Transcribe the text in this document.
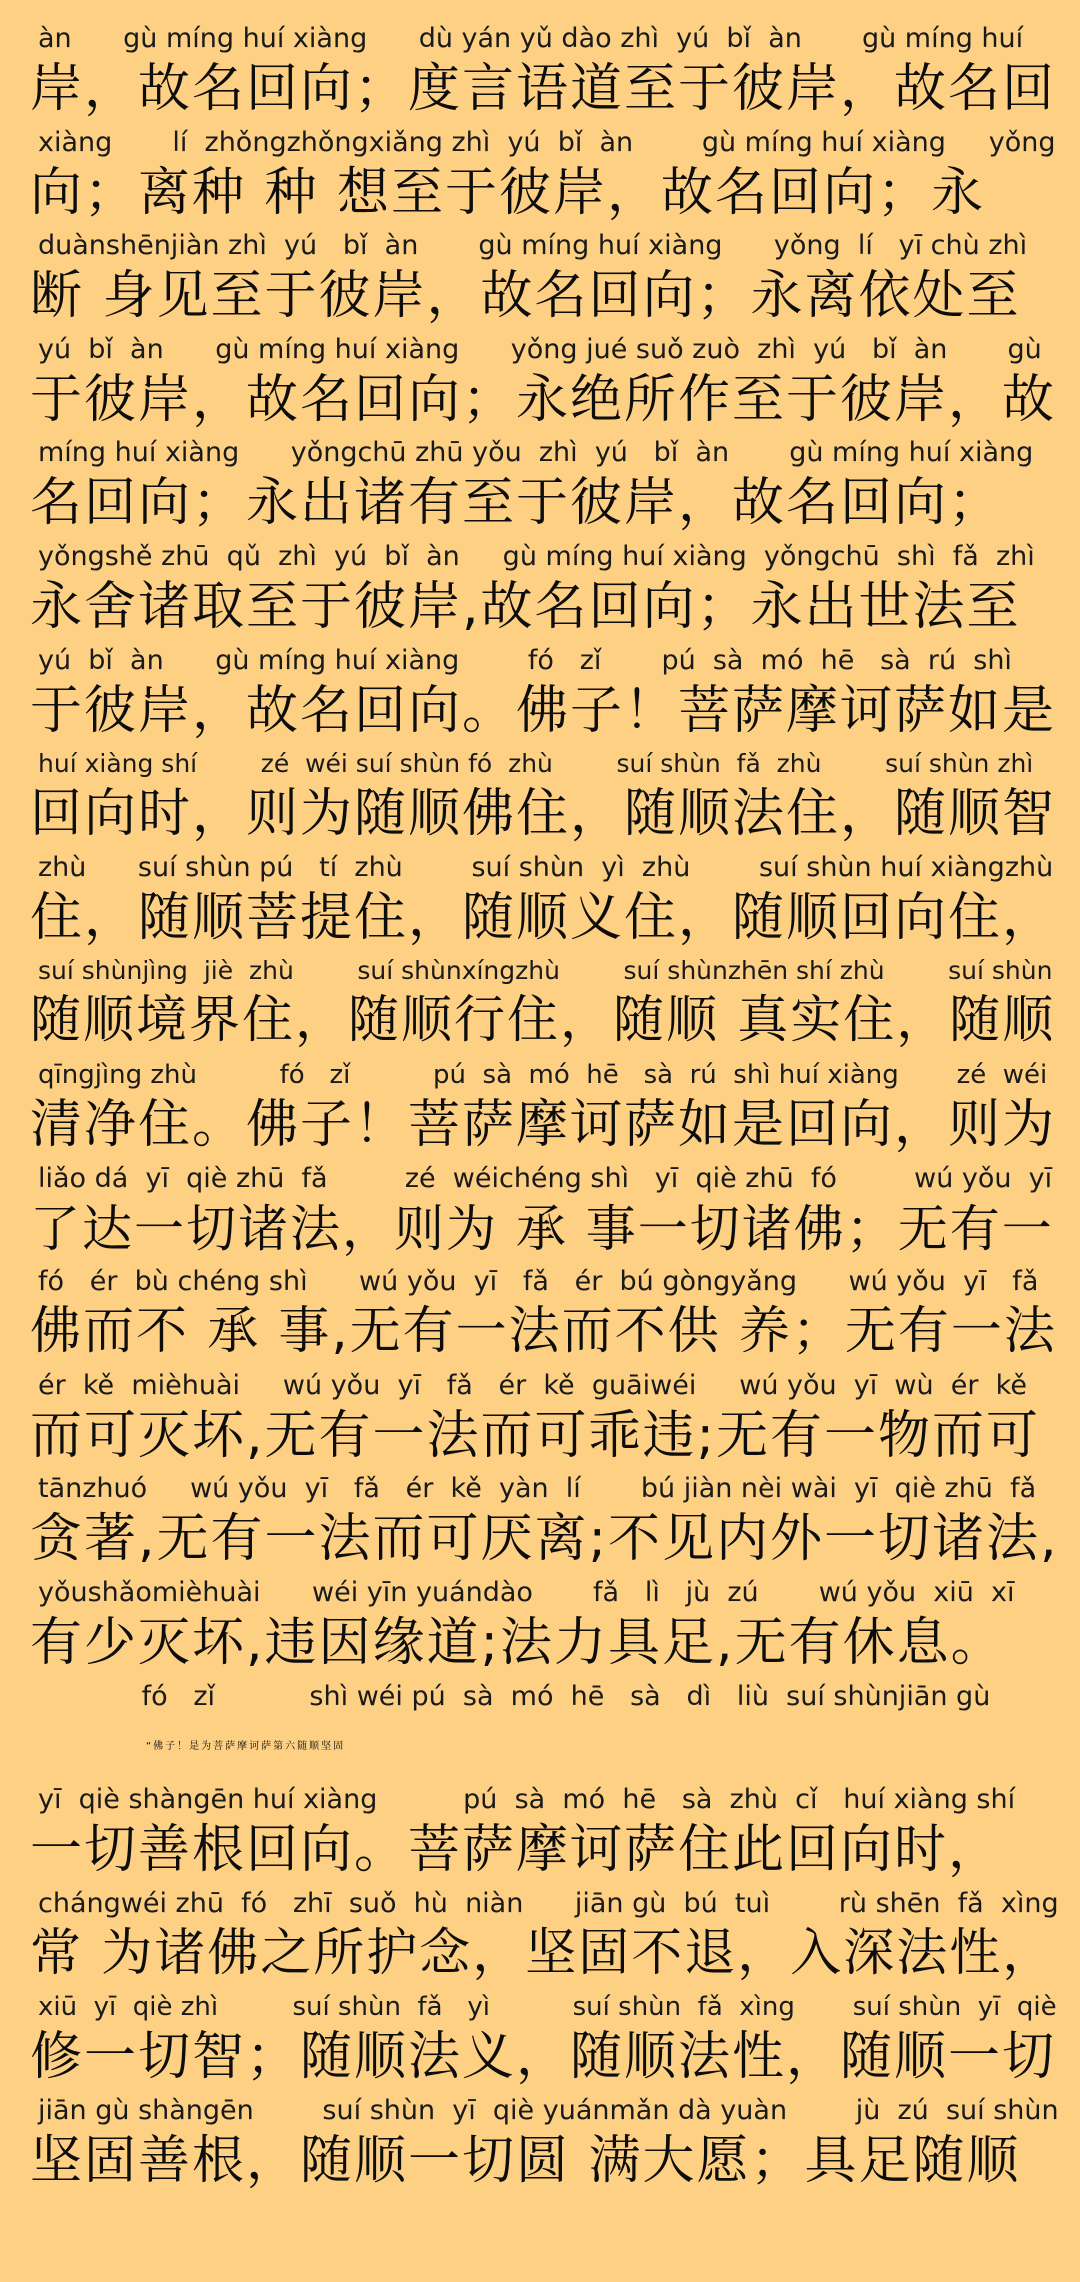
àn      gù míng huí xiàng      dù yán yǔ dào zhì  yú  bǐ  àn       gù míng huí
岸，故名回向；度言语道至于彼岸，故名回
xiàng       lí  zhǒngzhǒngxiǎng zhì  yú  bǐ  àn        gù míng huí xiàng     yǒng
向；离种 种 想至于彼岸，故名回向；永
duànshēnjiàn zhì  yú   bǐ  àn       gù míng huí xiàng      yǒng  lí   yī chù zhì
断 身见至于彼岸，故名回向；永离依处至
yú  bǐ  àn      gù míng huí xiàng      yǒng jué suǒ zuò  zhì  yú   bǐ  àn       gù
于彼岸，故名回向；永绝所作至于彼岸，故
míng huí xiàng      yǒngchū zhū yǒu  zhì  yú   bǐ  àn       gù míng huí xiàng
名回向；永出诸有至于彼岸，故名回向；
yǒngshě zhū  qǔ  zhì  yú  bǐ  àn     gù míng huí xiàng  yǒngchū  shì  fǎ  zhì
永舍诸取至于彼岸,故名回向；永出世法至
yú  bǐ  àn      gù míng huí xiàng        fó   zǐ       pú  sà  mó  hē   sà  rú  shì
于彼岸，故名回向。佛子！菩萨摩诃萨如是
huí xiàng shí        zé  wéi suí shùn fó  zhù        suí shùn  fǎ  zhù        suí shùn zhì
回向时，则为随顺佛住，随顺法住，随顺智
zhù      suí shùn pú   tí  zhù        suí shùn  yì  zhù        suí shùn huí xiàngzhù
住，随顺菩提住，随顺义住，随顺回向住，
suí shùnjìng  jiè  zhù        suí shùnxíngzhù        suí shùnzhēn shí zhù        suí shùn
随顺境界住，随顺行住，随顺 真实住，随顺
qīngjìng zhù          fó   zǐ          pú  sà  mó  hē   sà  rú  shì huí xiàng       zé  wéi
清净住。佛子！菩萨摩诃萨如是回向，则为
liǎo dá  yī  qiè zhū  fǎ         zé  wéichéng shì   yī  qiè zhū  fó         wú yǒu  yī
了达一切诸法，则为 承 事一切诸佛；无有一
fó   ér  bù chéng shì      wú yǒu  yī   fǎ   ér  bú gòngyǎng      wú yǒu  yī   fǎ
佛而不 承 事,无有一法而不供 养；无有一法
ér  kě  mièhuài     wú yǒu  yī   fǎ   ér  kě  guāiwéi     wú yǒu  yī  wù  ér  kě
而可灭坏,无有一法而可乖违;无有一物而可
tānzhuó     wú yǒu  yī   fǎ   ér  kě  yàn  lí       bú jiàn nèi wài  yī  qiè zhū  fǎ
贪著,无有一法而可厌离;不见内外一切诸法,
yǒushǎomièhuài      wéi yīn yuándào       fǎ   lì   jù  zú       wú yǒu  xiū  xī
有少灭坏,违因缘道;法力具足,无有休息。
fó   zǐ           shì wéi pú  sà  mó  hē   sà   dì   liù  suí shùnjiān gù
“佛子！是为菩萨摩诃萨第六随顺坚固
yī  qiè shàngēn huí xiàng          pú  sà  mó  hē   sà  zhù  cǐ   huí xiàng shí
一切善根回向。菩萨摩诃萨住此回向时，
chángwéi zhū  fó   zhī  suǒ  hù  niàn      jiān gù  bú  tuì        rù shēn  fǎ  xìng
常 为诸佛之所护念，坚固不退，入深法性，
xiū  yī  qiè zhì         suí shùn  fǎ   yì          suí shùn  fǎ  xìng       suí shùn  yī  qiè
修一切智；随顺法义，随顺法性，随顺一切
jiān gù shàngēn        suí shùn  yī  qiè yuánmǎn dà yuàn        jù  zú  suí shùn
坚固善根，随顺一切圆 满大愿；具足随顺
